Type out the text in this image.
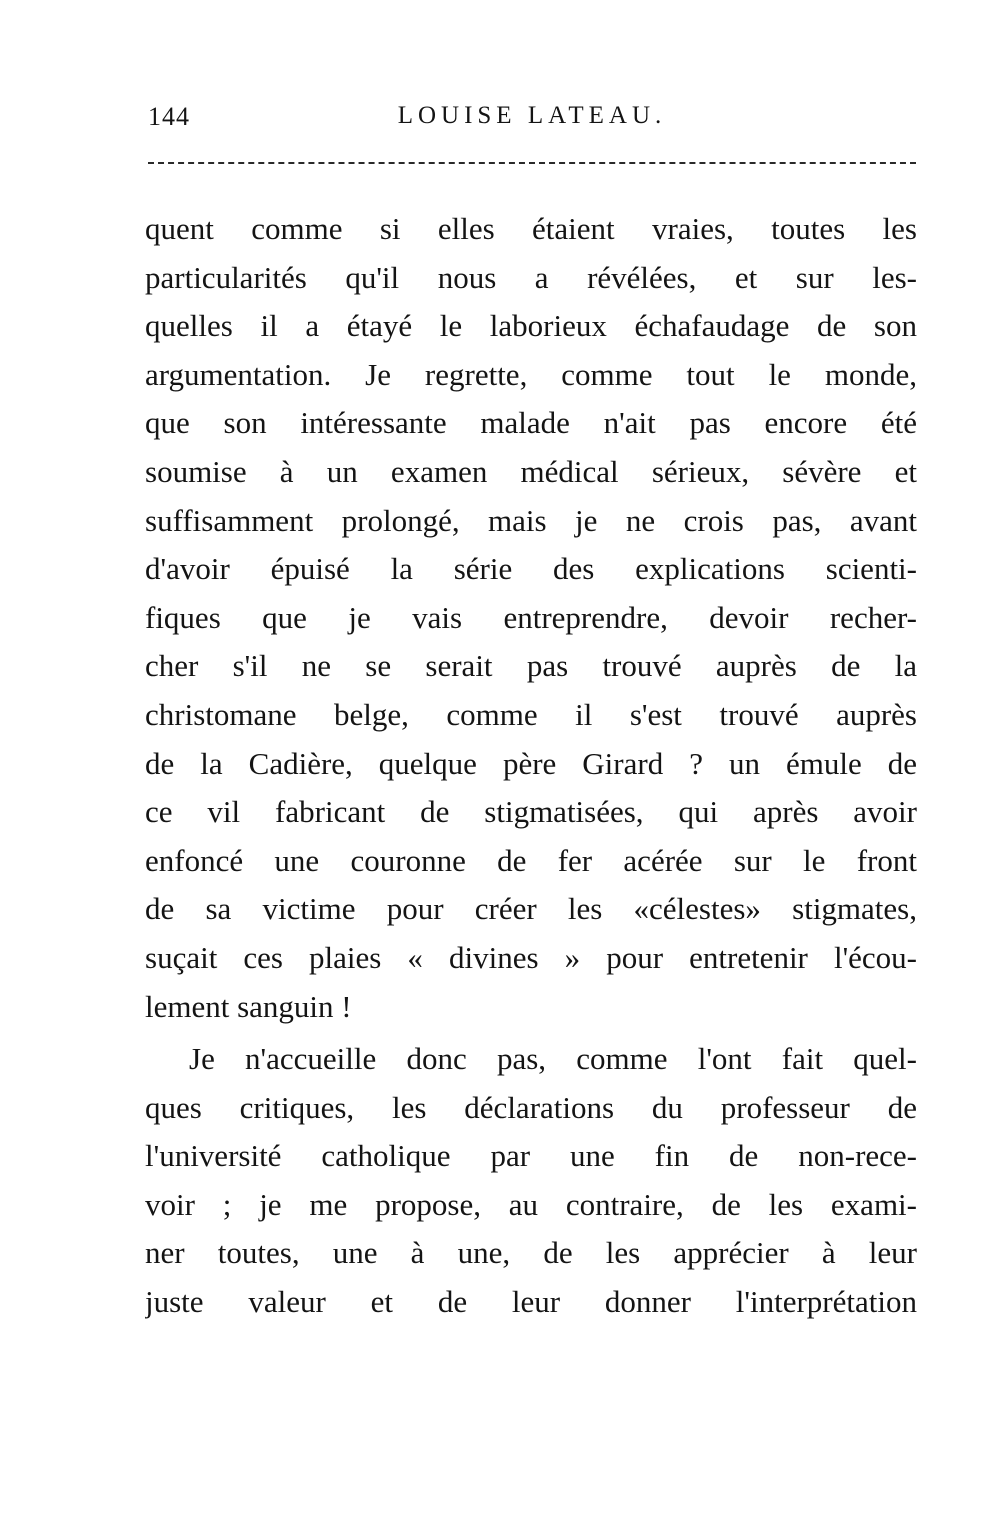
144	LOUISE LATEAU.
quent comme si elles étaient vraies, toutes les
particularités qu'il nous a révélées, et sur les-
quelles il a étayé le laborieux échafaudage de son
argumentation. Je regrette, comme tout le monde,
que son intéressante malade n'ait pas encore été
soumise à un examen médical sérieux, sévère et
suffisamment prolongé, mais je ne crois pas, avant
d'avoir épuisé la série des explications scienti-
fiques que je vais entreprendre, devoir recher-
cher s'il ne se serait pas trouvé auprès de la
christomane belge, comme il s'est trouvé auprès
de la Cadière, quelque père Girard ? un émule de
ce vil fabricant de stigmatisées, qui après avoir
enfoncé une couronne de fer acérée sur le front
de sa victime pour créer les «célestes» stigmates,
suçait ces plaies « divines » pour entretenir l'écou-
lement sanguin !
Je n'accueille donc pas, comme l'ont fait quel-
ques critiques, les déclarations du professeur de
l'université catholique par une fin de non-rece-
voir ; je me propose, au contraire, de les exami-
ner toutes, une à une, de les apprécier à leur
juste valeur et de leur donner l'interprétation
